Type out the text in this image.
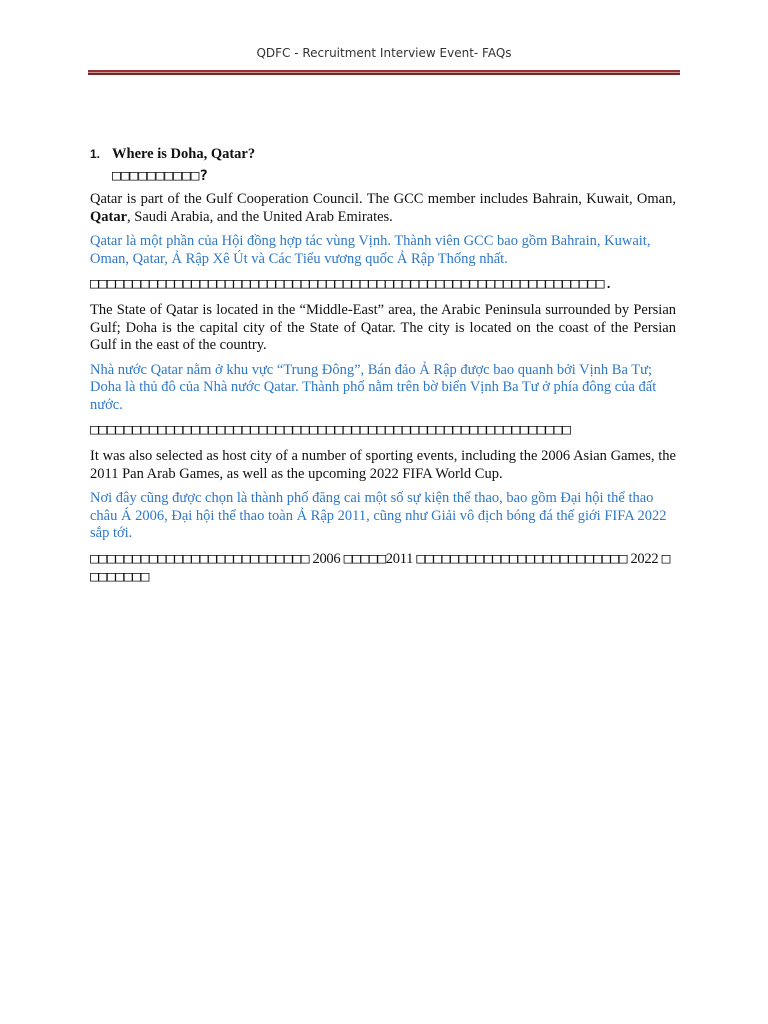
QDFC - Recruitment Interview Event- FAQs
1. Where is Doha, Qatar?
□□□□□□□□□□?

Qatar is part of the Gulf Cooperation Council. The GCC member includes Bahrain, Kuwait, Oman, Qatar, Saudi Arabia, and the United Arab Emirates.

Qatar là một phần của Hội đồng hợp tác vùng Vịnh. Thành viên GCC bao gồm Bahrain, Kuwait, Oman, Qatar, Ả Rập Xê Út và Các Tiểu vương quốc Ả Rập Thống nhất.

□□□□□□□□□□□□□□□□□□□□□□□□□□□□□□□□□□□□□□□□□□□□□□□□□□□□□□□□□□□□□.

The State of Qatar is located in the “Middle-East” area, the Arabic Peninsula surrounded by Persian Gulf; Doha is the capital city of the State of Qatar. The city is located on the coast of the Persian Gulf in the east of the country.

Nhà nước Qatar nằm ở khu vực “Trung Đông”, Bán đảo Ả Rập được bao quanh bởi Vịnh Ba Tư; Doha là thủ đô của Nhà nước Qatar. Thành phố nằm trên bờ biển Vịnh Ba Tư ở phía đông của đất nước.

□□□□□□□□□□□□□□□□□□□□□□□□□□□□□□□□□□□□□□□□□□□□□□□□□□□□□□□□□

It was also selected as host city of a number of sporting events, including the 2006 Asian Games, the 2011 Pan Arab Games, as well as the upcoming 2022 FIFA World Cup.

Nơi đây cũng được chọn là thành phố đăng cai một số sự kiện thể thao, bao gồm Đại hội thể thao châu Á 2006, Đại hội thể thao toàn Ả Rập 2011, cũng như Giải vô địch bóng đá thế giới FIFA 2022 sắp tới.

□□□□□□□□□□□□□□□□□□□□□□□□□□ 2006 □□□□□2011 □□□□□□□□□□□□□□□□□□□□□□□□□ 2022 □□□□□□□□
